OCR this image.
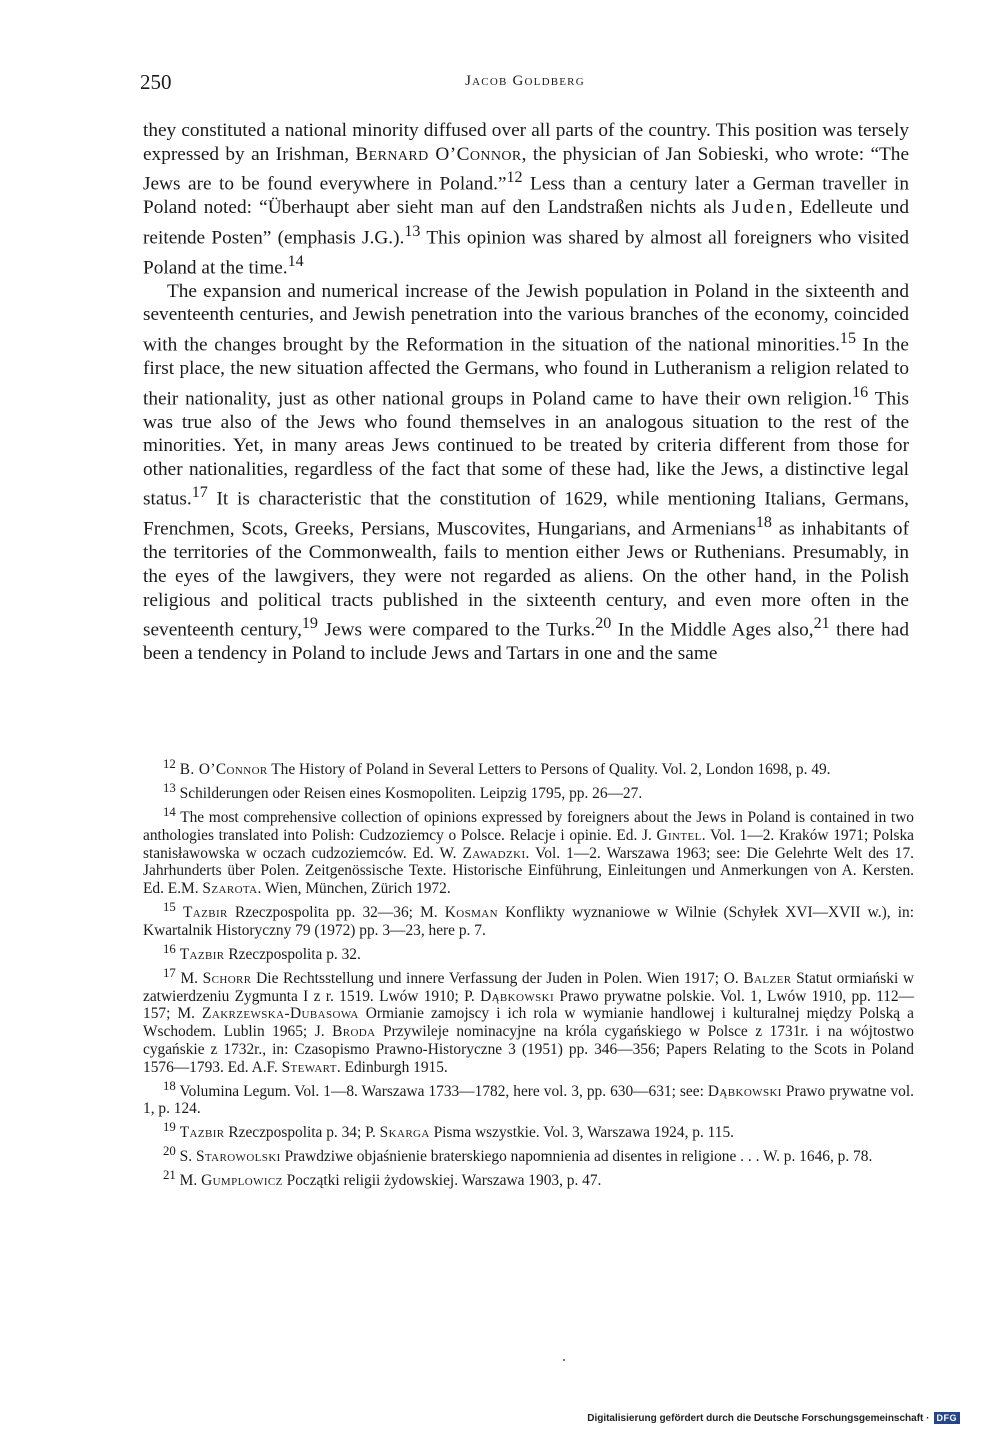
250	Jacob Goldberg

they constituted a national minority diffused over all parts of the country. This position was tersely expressed by an Irishman, Bernard O’Connor, the physician of Jan Sobieski, who wrote: “The Jews are to be found everywhere in Poland.”$^{12}$ Less than a century later a German traveller in Poland noted: “Überhaupt aber sieht man auf den Landstraßen nichts als Juden, Edelleute und reitende Posten” (emphasis J.G.).$^{13}$ This opinion was shared by almost all foreigners who visited Poland at the time.$^{14}$

The expansion and numerical increase of the Jewish population in Poland in the sixteenth and seventeenth centuries, and Jewish penetration into the various branches of the economy, coincided with the changes brought by the Reformation in the situation of the national minorities.$^{15}$ In the first place, the new situation affected the Germans, who found in Lutheranism a religion related to their nationality, just as other national groups in Poland came to have their own religion.$^{16}$ This was true also of the Jews who found themselves in an analogous situation to the rest of the minorities. Yet, in many areas Jews continued to be treated by criteria different from those for other nationalities, regardless of the fact that some of these had, like the Jews, a distinctive legal status.$^{17}$ It is characteristic that the constitution of 1629, while mentioning Italians, Germans, Frenchmen, Scots, Greeks, Persians, Muscovites, Hungarians, and Armenians$^{18}$ as inhabitants of the territories of the Commonwealth, fails to mention either Jews or Ruthenians. Presumably, in the eyes of the lawgivers, they were not regarded as aliens. On the other hand, in the Polish religious and political tracts published in the sixteenth century, and even more often in the seventeenth century,$^{19}$ Jews were compared to the Turks.$^{20}$ In the Middle Ages also,$^{21}$ there had been a tendency in Poland to include Jews and Tartars in one and the same

$^{12}$ B. O’Connor The History of Poland in Several Letters to Persons of Quality. Vol. 2, London 1698, p. 49.

$^{13}$ Schilderungen oder Reisen eines Kosmopoliten. Leipzig 1795, pp. 26—27.

$^{14}$ The most comprehensive collection of opinions expressed by foreigners about the Jews in Poland is contained in two anthologies translated into Polish: Cudzoziemcy o Polsce. Relacje i opinie. Ed. J. Gintel. Vol. 1—2. Kraków 1971; Polska stanisławowska w oczach cudzoziemców. Ed. W. Zawadzki. Vol. 1—2. Warszawa 1963; see: Die Gelehrte Welt des 17. Jahrhunderts über Polen. Zeitgenössische Texte. Historische Einführung, Einleitungen und Anmerkungen von A. Kersten. Ed. E.M. Szarota. Wien, München, Zürich 1972.

$^{15}$ Tazbir Rzeczpospolita pp. 32—36; M. Kosman Konflikty wyznaniowe w Wilnie (Schyłek XVI—XVII w.), in: Kwartalnik Historyczny 79 (1972) pp. 3—23, here p. 7.

$^{16}$ Tazbir Rzeczpospolita p. 32.

$^{17}$ M. Schorr Die Rechtsstellung und innere Verfassung der Juden in Polen. Wien 1917; O. Balzer Statut ormiański w zatwierdzeniu Zygmunta I z r. 1519. Lwów 1910; P. Dąbkowski Prawo prywatne polskie. Vol. 1, Lwów 1910, pp. 112—157; M. Zakrzewska-Dubasowa Ormianie zamojscy i ich rola w wymianie handlowej i kulturalnej między Polską a Wschodem. Lublin 1965; J. Broda Przywileje nominacyjne na króla cygańskiego w Polsce z 1731r. i na wójtostwo cygańskie z 1732r., in: Czasopismo Prawno-Historyczne 3 (1951) pp. 346—356; Papers Relating to the Scots in Poland 1576—1793. Ed. A.F. Stewart. Edinburgh 1915.

$^{18}$ Volumina Legum. Vol. 1—8. Warszawa 1733—1782, here vol. 3, pp. 630—631; see: Dąbkowski Prawo prywatne vol. 1, p. 124.

$^{19}$ Tazbir Rzeczpospolita p. 34; P. Skarga Pisma wszystkie. Vol. 3, Warszawa 1924, p. 115.

$^{20}$ S. Starowolski Prawdziwe objaśnienie braterskiego napomnienia ad disentes in religione . . . W. p. 1646, p. 78.

$^{21}$ M. Gumplowicz Początki religii żydowskiej. Warszawa 1903, p. 47.

Digitalisierung gefördert durch die Deutsche Forschungsgemeinschaft · DFG
